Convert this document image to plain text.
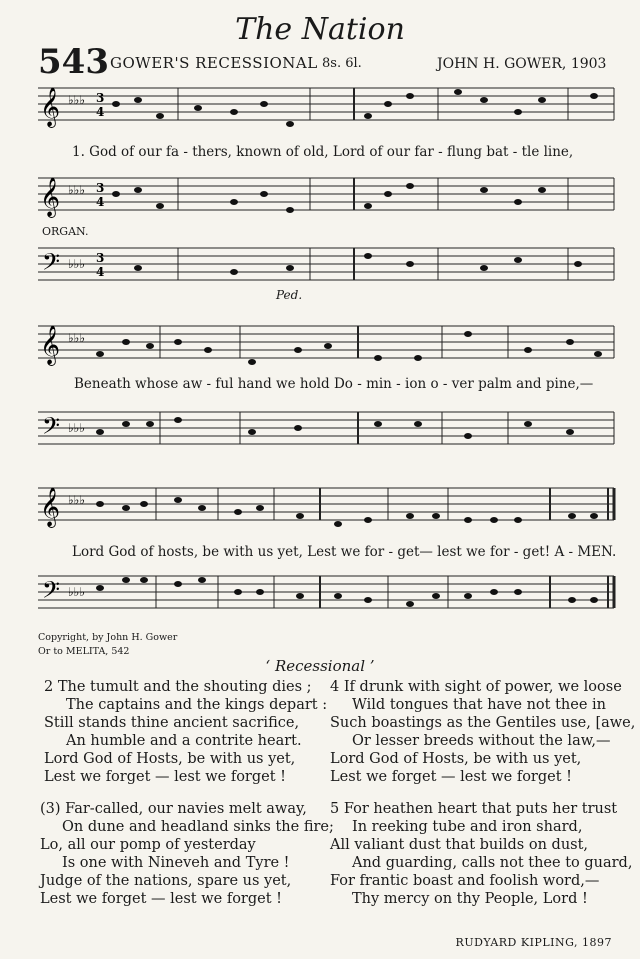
The Nation
543 GOWER'S RECESSIONAL 8s. 6l.	JOHN H. GOWER, 1903
𝄞 ♭♭♭ 3
4
𝄞 ♭♭♭ 3
4
𝄢 ♭♭♭ 3
4
𝄞 ♭♭♭
𝄢 ♭♭♭
𝄞 ♭♭♭
𝄢 ♭♭♭
1. God of our fa - thers, known of old, Lord of our far - flung bat - tle line,
ORGAN.
Ped.
Beneath whose aw - ful hand we hold Do - min - ion o - ver palm and pine,—
Lord God of hosts, be with us yet, Lest we for - get— lest we for - get! A - MEN.
Copyright, by John H. Gower
Or to MELITA, 542
‘ Recessional ’
2 The tumult and the shouting dies ;
The captains and the kings depart :
Still stands thine ancient sacrifice,
An humble and a contrite heart.
Lord God of Hosts, be with us yet,
Lest we forget — lest we forget !
4 If drunk with sight of power, we loose
Wild tongues that have not thee in
Such boastings as the Gentiles use, [awe,
Or lesser breeds without the law,—
Lord God of Hosts, be with us yet,
Lest we forget — lest we forget !
(3) Far-called, our navies melt away,
On dune and headland sinks the fire;
Lo, all our pomp of yesterday
Is one with Nineveh and Tyre !
Judge of the nations, spare us yet,
Lest we forget — lest we forget !
5 For heathen heart that puts her trust
In reeking tube and iron shard,
All valiant dust that builds on dust,
And guarding, calls not thee to guard,
For frantic boast and foolish word,—
Thy mercy on thy People, Lord !
RUDYARD KIPLING, 1897
